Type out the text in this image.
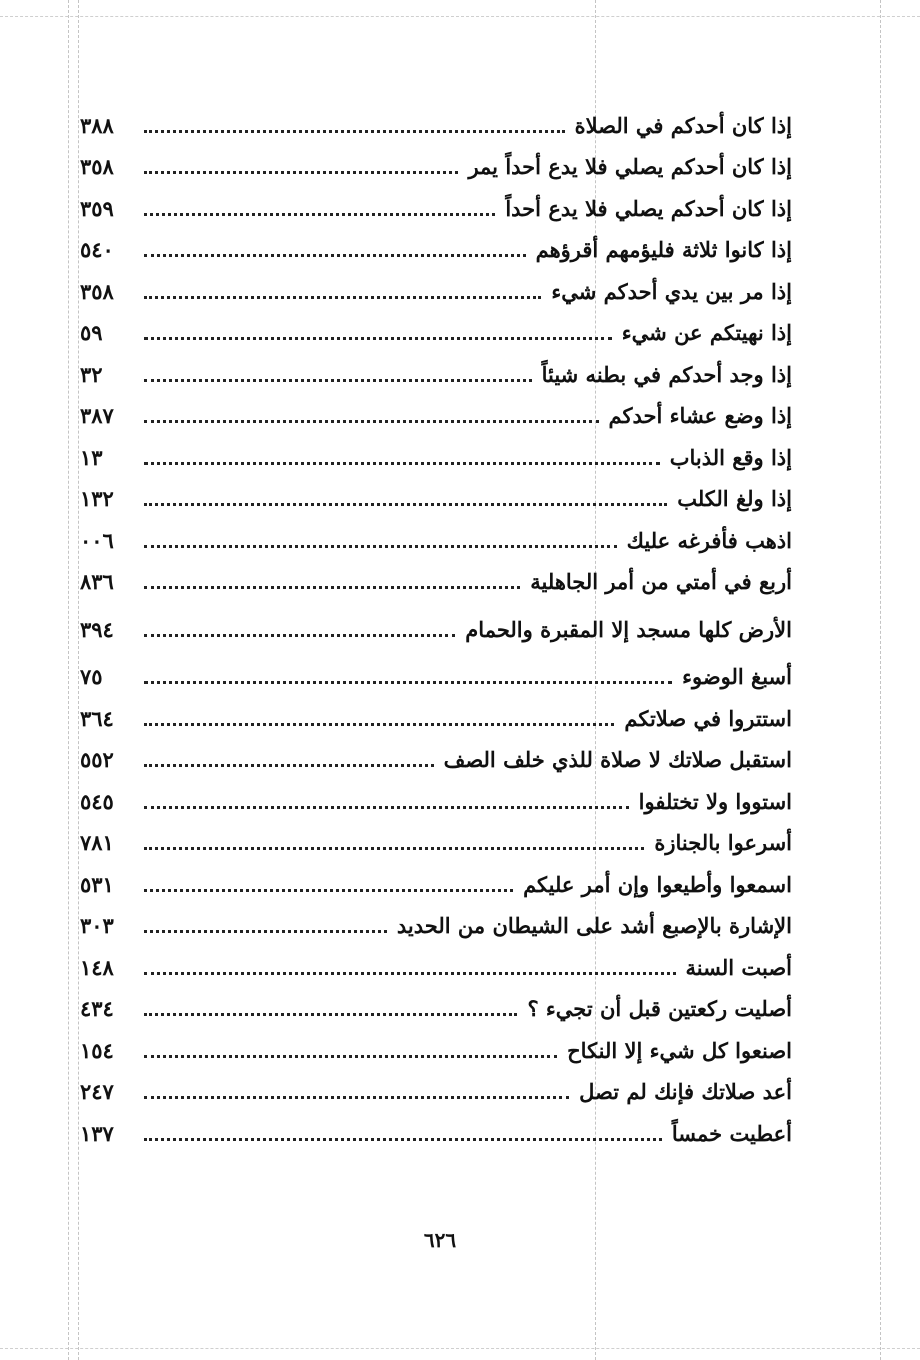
إذا كان أحدكم في الصلاة
٣٨٨
إذا كان أحدكم يصلي فلا يدع أحداً يمر
٣٥٨
إذا كان أحدكم يصلي فلا يدع أحداً
٣٥٩
إذا كانوا ثلاثة فليؤمهم أقرؤهم
٥٤٠
إذا مر بين يدي أحدكم شيء
٣٥٨
إذا نهيتكم عن شيء
٥٩
إذا وجد أحدكم في بطنه شيئاً
٣٢
إذا وضع عشاء أحدكم
٣٨٧
إذا وقع الذباب
١٣
إذا ولغ الكلب
١٣٢
اذهب فأفرغه عليك
٠٠٦
أربع في أمتي من أمر الجاهلية
٨٣٦
الأرض كلها مسجد إلا المقبرة والحمام
٣٩٤
أسبغ الوضوء
٧٥
استتروا في صلاتكم
٣٦٤
استقبل صلاتك لا صلاة للذي خلف الصف
٥٥٢
استووا ولا تختلفوا
٥٤٥
أسرعوا بالجنازة
٧٨١
اسمعوا وأطيعوا وإن أمر عليكم
٥٣١
الإشارة بالإصبع أشد على الشيطان من الحديد
٣٠٣
أصبت السنة
١٤٨
أصليت ركعتين قبل أن تجيء ؟
٤٣٤
اصنعوا كل شيء إلا النكاح
١٥٤
أعد صلاتك فإنك لم تصل
٢٤٧
أعطيت خمساً
١٣٧
٦٢٦
